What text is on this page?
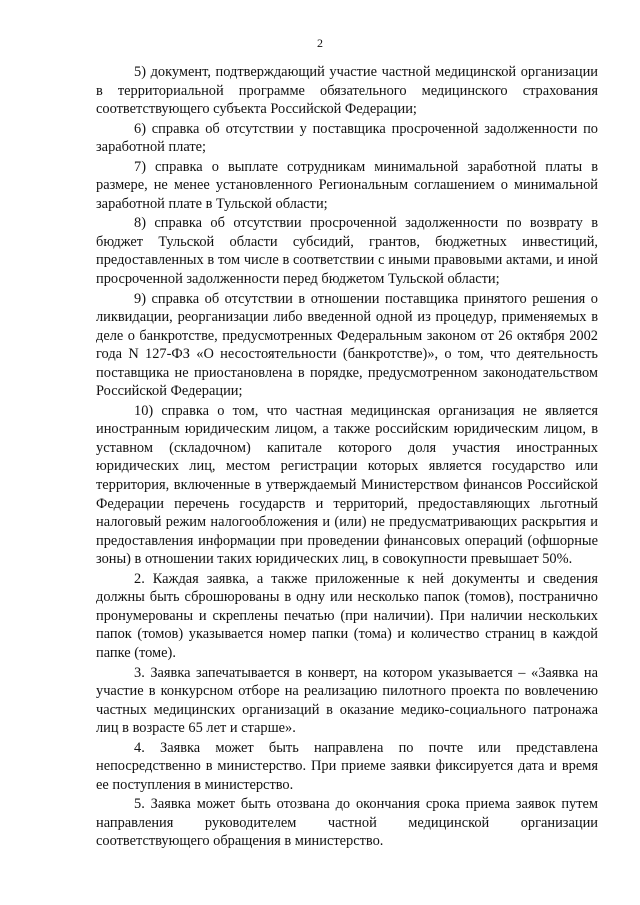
2

5) документ, подтверждающий участие частной медицинской организации в территориальной программе обязательного медицинского страхования соответствующего субъекта Российской Федерации;

6) справка об отсутствии у поставщика просроченной задолженности по заработной плате;

7) справка о выплате сотрудникам минимальной заработной платы в размере, не менее установленного Региональным соглашением о минимальной заработной плате в Тульской области;

8) справка об отсутствии просроченной задолженности по возврату в бюджет Тульской области субсидий, грантов, бюджетных инвестиций, предоставленных в том числе в соответствии с иными правовыми актами, и иной просроченной задолженности перед бюджетом Тульской области;

9) справка об отсутствии в отношении поставщика принятого решения о ликвидации, реорганизации либо введенной одной из процедур, применяемых в деле о банкротстве, предусмотренных Федеральным законом от 26 октября 2002 года N 127-ФЗ «О несостоятельности (банкротстве)», о том, что деятельность поставщика не приостановлена в порядке, предусмотренном законодательством Российской Федерации;

10) справка о том, что частная медицинская организация не является иностранным юридическим лицом, а также российским юридическим лицом, в уставном (складочном) капитале которого доля участия иностранных юридических лиц, местом регистрации которых является государство или территория, включенные в утверждаемый Министерством финансов Российской Федерации перечень государств и территорий, предоставляющих льготный налоговый режим налогообложения и (или) не предусматривающих раскрытия и предоставления информации при проведении финансовых операций (офшорные зоны) в отношении таких юридических лиц, в совокупности превышает 50%.

2. Каждая заявка, а также приложенные к ней документы и сведения должны быть сброшюрованы в одну или несколько папок (томов), постранично пронумерованы и скреплены печатью (при наличии). При наличии нескольких папок (томов) указывается номер папки (тома) и количество страниц в каждой папке (томе).

3. Заявка запечатывается в конверт, на котором указывается – «Заявка на участие в конкурсном отборе на реализацию пилотного проекта по вовлечению частных медицинских организаций в оказание медико-социального патронажа лиц в возрасте 65 лет и старше».

4. Заявка может быть направлена по почте или представлена непосредственно в министерство. При приеме заявки фиксируется дата и время ее поступления в министерство.

5. Заявка может быть отозвана до окончания срока приема заявок путем направления руководителем частной медицинской организации соответствующего обращения в министерство.
